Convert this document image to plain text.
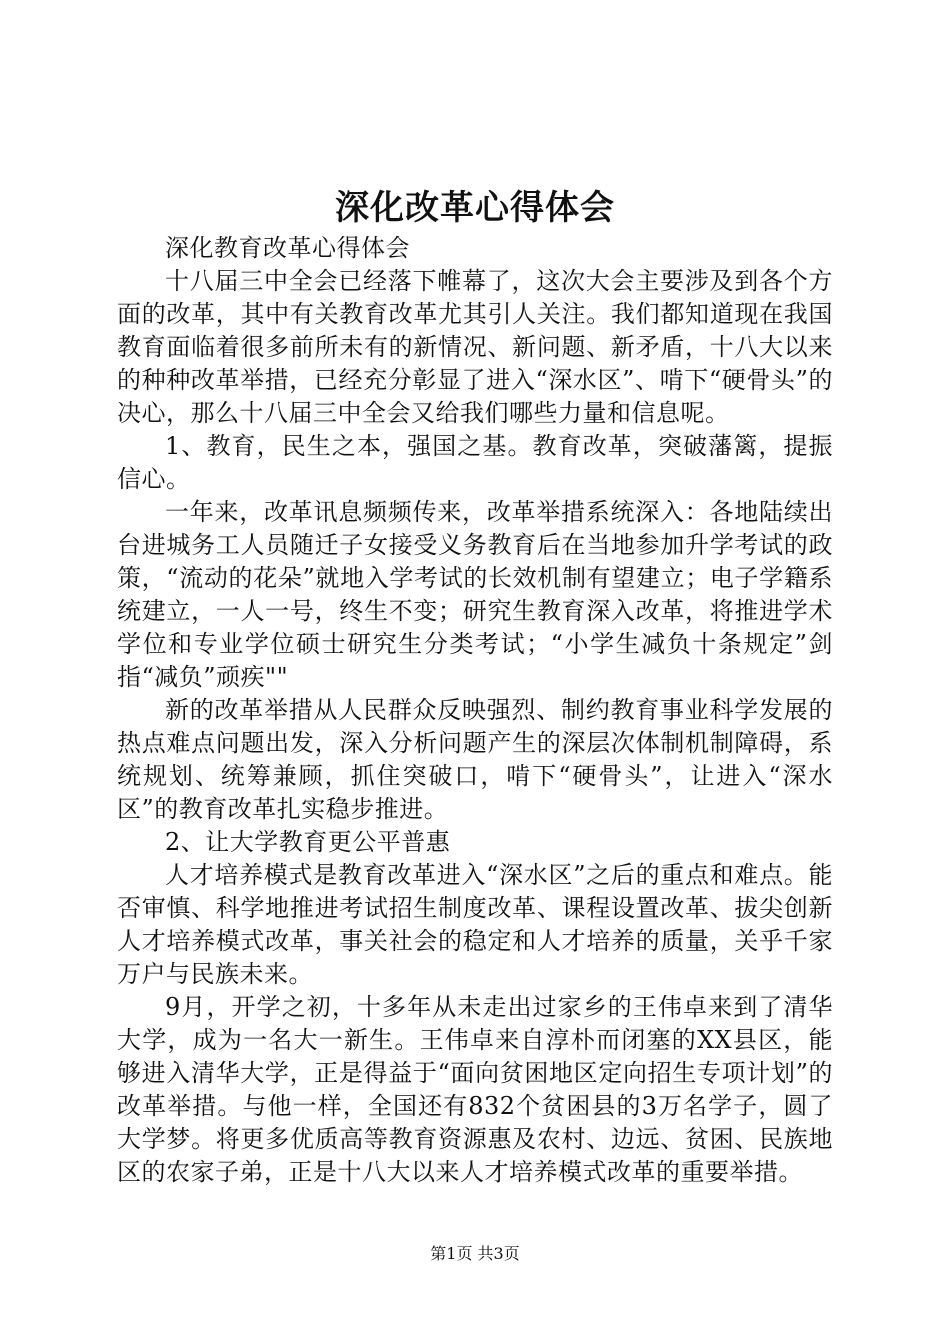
深化改革心得体会

深化教育改革心得体会

十八届三中全会已经落下帷幕了，这次大会主要涉及到各个方面的改革，其中有关教育改革尤其引人关注。我们都知道现在我国教育面临着很多前所未有的新情况、新问题、新矛盾，十八大以来的种种改革举措，已经充分彰显了进入“深水区”、啃下“硬骨头”的决心，那么十八届三中全会又给我们哪些力量和信息呢。

1、教育，民生之本，强国之基。教育改革，突破藩篱，提振信心。

一年来，改革讯息频频传来，改革举措系统深入：各地陆续出台进城务工人员随迁子女接受义务教育后在当地参加升学考试的政策，“流动的花朵”就地入学考试的长效机制有望建立；电子学籍系统建立，一人一号，终生不变；研究生教育深入改革，将推进学术学位和专业学位硕士研究生分类考试；“小学生减负十条规定”剑指“减负”顽疾""

新的改革举措从人民群众反映强烈、制约教育事业科学发展的热点难点问题出发，深入分析问题产生的深层次体制机制障碍，系统规划、统筹兼顾，抓住突破口，啃下“硬骨头”，让进入“深水区”的教育改革扎实稳步推进。

2、让大学教育更公平普惠

人才培养模式是教育改革进入“深水区”之后的重点和难点。能否审慎、科学地推进考试招生制度改革、课程设置改革、拔尖创新人才培养模式改革，事关社会的稳定和人才培养的质量，关乎千家万户与民族未来。

9月，开学之初，十多年从未走出过家乡的王伟卓来到了清华大学，成为一名大一新生。王伟卓来自淳朴而闭塞的XX县区，能够进入清华大学，正是得益于“面向贫困地区定向招生专项计划”的改革举措。与他一样，全国还有832个贫困县的3万名学子，圆了大学梦。将更多优质高等教育资源惠及农村、边远、贫困、民族地区的农家子弟，正是十八大以来人才培养模式改革的重要举措。

第1页 共3页
